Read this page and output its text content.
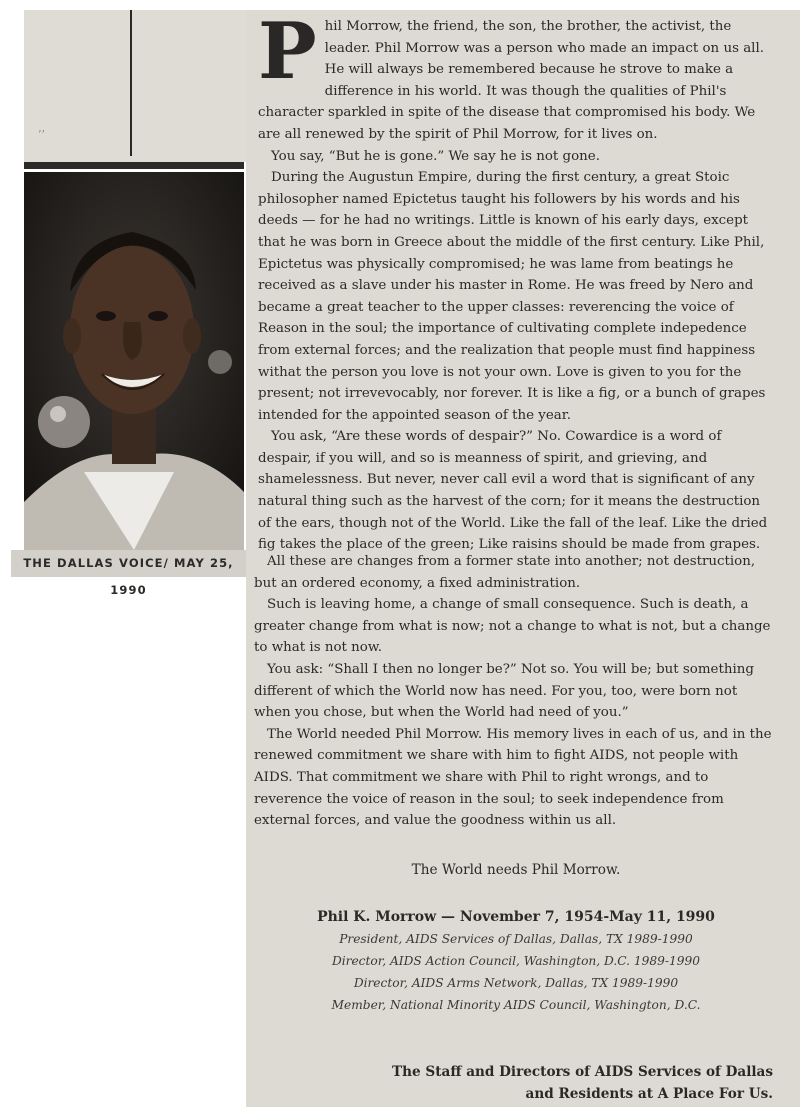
’’
THE DALLAS VOICE/ MAY 25, 1990

Phil Morrow, the friend, the son, the brother, the activist, the leader. Phil Morrow was a person who made an impact on us all. He will always be remembered because he strove to make a difference in his world. It was though the qualities of Phil's character sparkled in spite of the disease that compromised his body. We are all renewed by the spirit of Phil Morrow, for it lives on.

You say, “But he is gone.” We say he is not gone.

During the Augustun Empire, during the first century, a great Stoic philosopher named Epictetus taught his followers by his words and his deeds — for he had no writings. Little is known of his early days, except that he was born in Greece about the middle of the first century. Like Phil, Epictetus was physically compromised; he was lame from beatings he received as a slave under his master in Rome. He was freed by Nero and became a great teacher to the upper classes: reverencing the voice of Reason in the soul; the importance of cultivating complete indepedence from external forces; and the realization that people must find happiness withat the person you love is not your own. Love is given to you for the present; not irrevevocably, nor forever. It is like a fig, or a bunch of grapes intended for the appointed season of the year.

You ask, “Are these words of despair?” No. Cowardice is a word of despair, if you will, and so is meanness of spirit, and grieving, and shamelessness. But never, never call evil a word that is significant of any natural thing such as the harvest of the corn; for it means the destruction of the ears, though not of the World. Like the fall of the leaf. Like the dried fig takes the place of the green; Like raisins should be made from grapes.

All these are changes from a former state into another; not destruction, but an ordered economy, a fixed administration.

Such is leaving home, a change of small consequence. Such is death, a greater change from what is now; not a change to what is not, but a change to what is not now.

You ask: “Shall I then no longer be?” Not so. You will be; but something different of which the World now has need. For you, too, were born not when you chose, but when the World had need of you.”

The World needed Phil Morrow. His memory lives in each of us, and in the renewed commitment we share with him to fight AIDS, not people with AIDS. That commitment we share with Phil to right wrongs, and to reverence the voice of reason in the soul; to seek independence from external forces, and value the goodness within us all.

The World needs Phil Morrow.
Phil K. Morrow — November 7, 1954-May 11, 1990
President, AIDS Services of Dallas, Dallas, TX 1989-1990
Director, AIDS Action Council, Washington, D.C. 1989-1990
Director, AIDS Arms Network, Dallas, TX 1989-1990
Member, National Minority AIDS Council, Washington, D.C.
The Staff and Directors of AIDS Services of Dallas
and Residents at A Place For Us.
